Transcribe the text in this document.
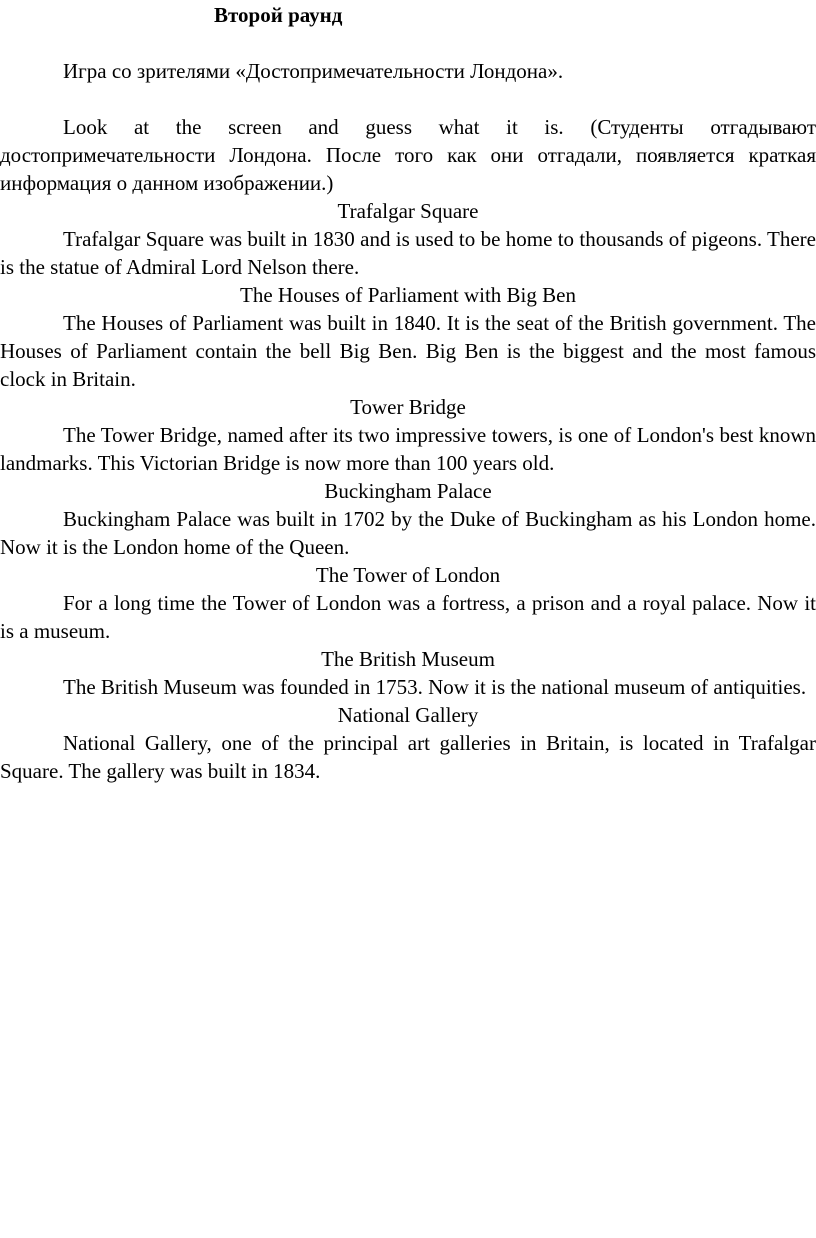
Второй раунд

Игра со зрителями «Достопримечательности Лондона».

Look at the screen and guess what it is. (Студенты отгадывают достопримечательности Лондона. После того как они отгадали, появляется краткая информация о данном изображении.)

Trafalgar Square

Trafalgar Square was built in 1830 and is used to be home to thousands of pigeons. There is the statue of Admiral Lord Nelson there.

The Houses of Parliament with Big Ben

The Houses of Parliament was built in 1840. It is the seat of the British government. The Houses of Parliament contain the bell Big Ben. Big Ben is the biggest and the most famous clock in Britain.

Tower Bridge

The Tower Bridge, named after its two impressive towers, is one of London's best known landmarks. This Victorian Bridge is now more than 100 years old.

Buckingham Palace

Buckingham Palace was built in 1702 by the Duke of Buckingham as his London home. Now it is the London home of the Queen.

The Tower of London

For a long time the Tower of London was a fortress, a prison and a royal palace. Now it is a museum.

The British Museum

The British Museum was founded in 1753. Now it is the national museum of antiquities.

National Gallery

National Gallery, one of the principal art galleries in Britain, is located in Trafalgar Square. The gallery was built in 1834.
